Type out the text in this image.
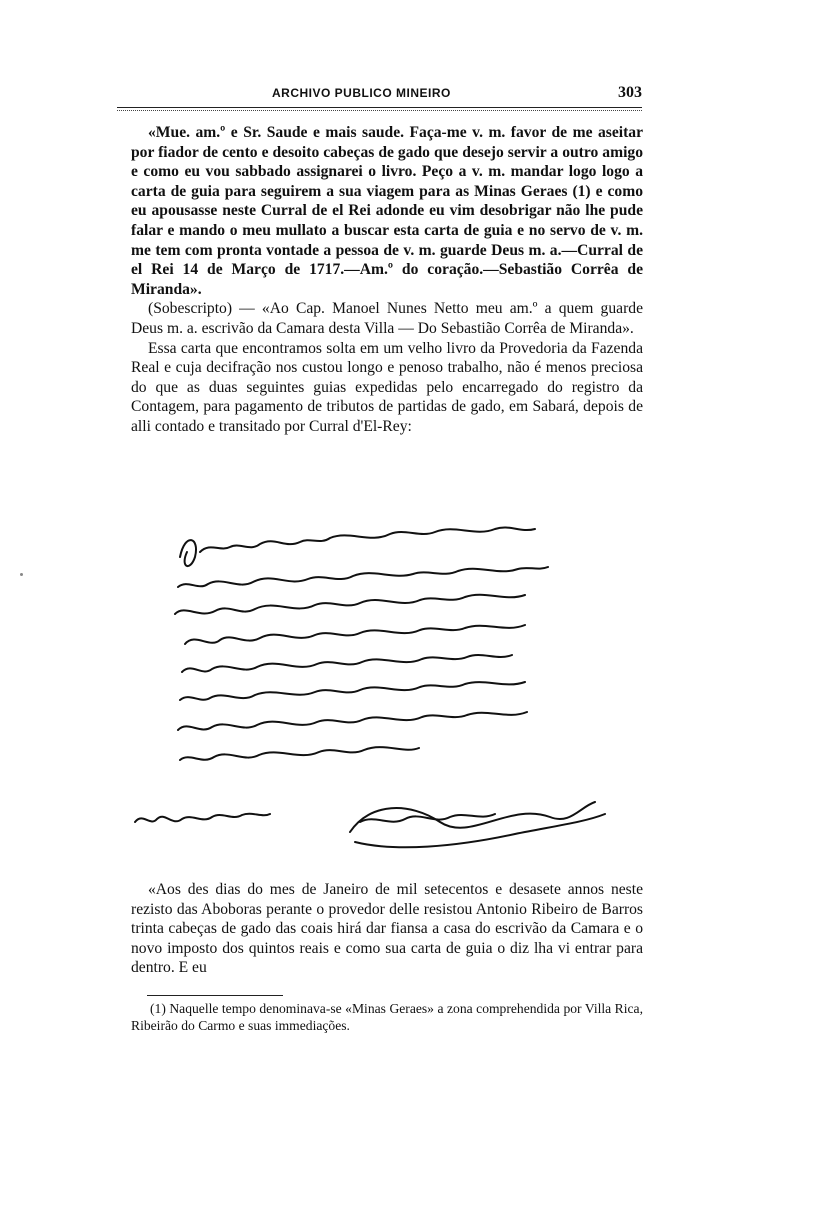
ARCHIVO PUBLICO MINEIRO	303

«Mue. am.º e Sr. Saude e mais saude. Faça-me v. m. favor de me aseitar por fiador de cento e desoito cabeças de gado que desejo servir a outro amigo e como eu vou sabbado assignarei o livro. Peço a v. m. mandar logo logo a carta de guia para seguirem a sua viagem para as Minas Geraes (1) e como eu apousasse neste Curral de el Rei adonde eu vim desobrigar não lhe pude falar e mando o meu mullato a buscar esta carta de guia e no servo de v. m. me tem com pronta vontade a pessoa de v. m. guarde Deus m. a.—Curral de el Rei 14 de Março de 1717.—Am.º do coração.—Sebastião Corrêa de Miranda».

(Sobescripto) — «Ao Cap. Manoel Nunes Netto meu am.º a quem guarde Deus m. a. escrivão da Camara desta Villa — Do Sebastião Corrêa de Miranda».

Essa carta que encontramos solta em um velho livro da Provedoria da Fazenda Real e cuja decifração nos custou longo e penoso trabalho, não é menos preciosa do que as duas seguintes guias expedidas pelo encarregado do registro da Contagem, para pagamento de tributos de partidas de gado, em Sabará, depois de alli contado e transitado por Curral d'El-Rey:

«Aos des dias do mes de Janeiro de mil setecentos e desasete annos neste rezisto das Aboboras perante o provedor delle resistou Antonio Ribeiro de Barros trinta cabeças de gado das coais hirá dar fiansa a casa do escrivão da Camara e o novo imposto dos quintos reais e como sua carta de guia o diz lha vi entrar para dentro. E eu

(1) Naquelle tempo denominava-se «Minas Geraes» a zona comprehendida por Villa Rica, Ribeirão do Carmo e suas immediações.
